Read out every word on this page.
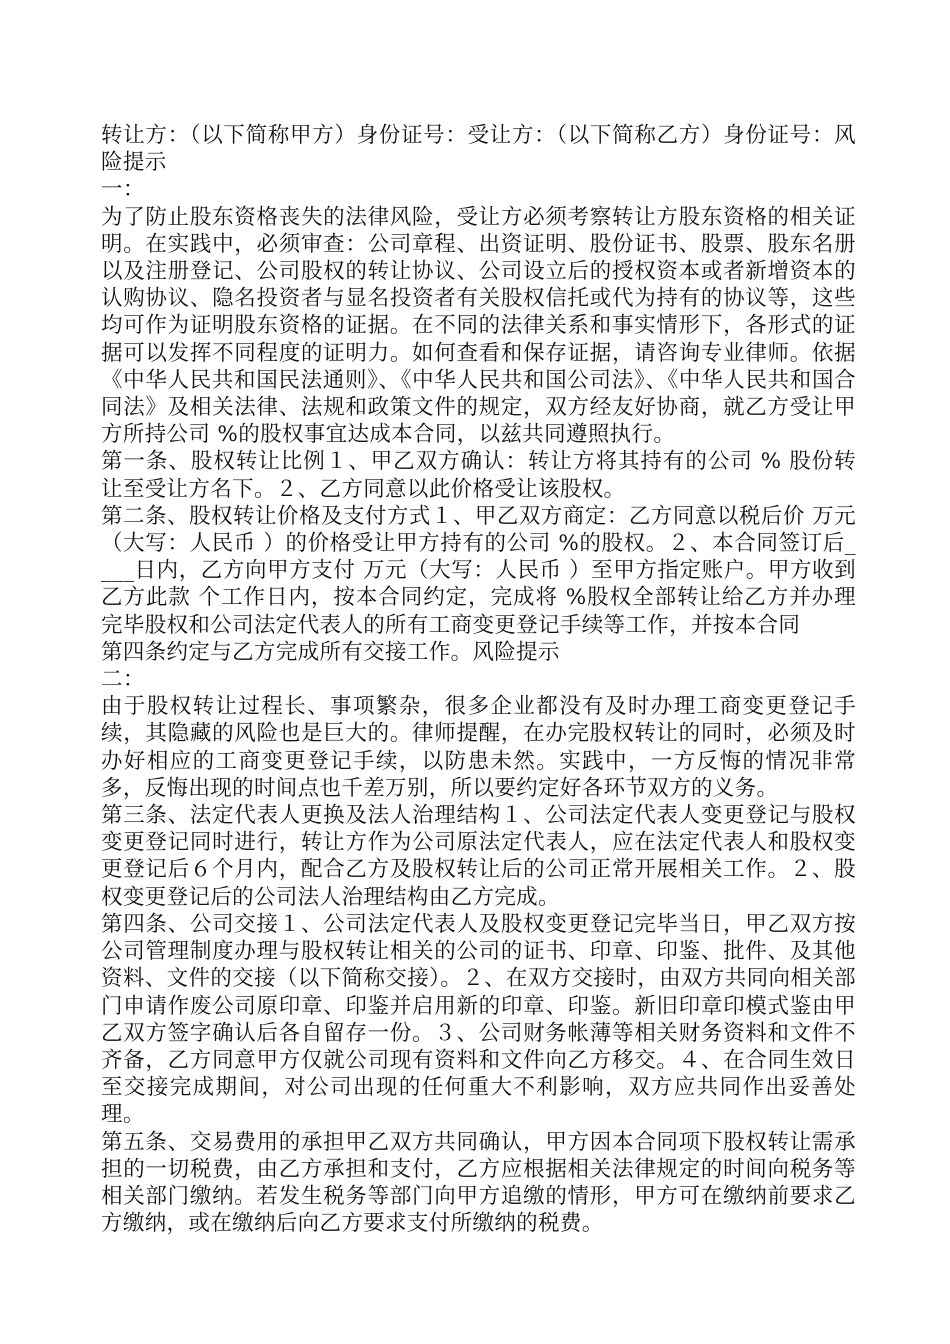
转让方：（以下简称甲方）身份证号：受让方：（以下简称乙方）身份证号：风险提示

一：

为了防止股东资格丧失的法律风险，受让方必须考察转让方股东资格的相关证明。在实践中，必须审查：公司章程、出资证明、股份证书、股票、股东名册以及注册登记、公司股权的转让协议、公司设立后的授权资本或者新增资本的认购协议、隐名投资者与显名投资者有关股权信托或代为持有的协议等，这些均可作为证明股东资格的证据。在不同的法律关系和事实情形下，各形式的证据可以发挥不同程度的证明力。如何查看和保存证据，请咨询专业律师。依据《中华人民共和国民法通则》、《中华人民共和国公司法》、《中华人民共和国合同法》及相关法律、法规和政策文件的规定，双方经友好协商，就乙方受让甲方所持公司 %的股权事宜达成本合同，以兹共同遵照执行。

第一条、股权转让比例１、甲乙双方确认：转让方将其持有的公司 % 股份转让至受让方名下。２、乙方同意以此价格受让该股权。

第二条、股权转让价格及支付方式１、甲乙双方商定：乙方同意以税后价 万元（大写：人民币 ）的价格受让甲方持有的公司 %的股权。２、本合同签订后____日内，乙方向甲方支付 万元（大写：人民币 ）至甲方指定账户。甲方收到乙方此款 个工作日内，按本合同约定，完成将 %股权全部转让给乙方并办理完毕股权和公司法定代表人的所有工商变更登记手续等工作，并按本合同

第四条约定与乙方完成所有交接工作。风险提示

二：

由于股权转让过程长、事项繁杂，很多企业都没有及时办理工商变更登记手续，其隐藏的风险也是巨大的。律师提醒，在办完股权转让的同时，必须及时办好相应的工商变更登记手续，以防患未然。实践中，一方反悔的情况非常多，反悔出现的时间点也千差万别，所以要约定好各环节双方的义务。

第三条、法定代表人更换及法人治理结构１、公司法定代表人变更登记与股权变更登记同时进行，转让方作为公司原法定代表人，应在法定代表人和股权变更登记后６个月内，配合乙方及股权转让后的公司正常开展相关工作。２、股权变更登记后的公司法人治理结构由乙方完成。

第四条、公司交接１、公司法定代表人及股权变更登记完毕当日，甲乙双方按公司管理制度办理与股权转让相关的公司的证书、印章、印鉴、批件、及其他资料、文件的交接（以下简称交接）。２、在双方交接时，由双方共同向相关部门申请作废公司原印章、印鉴并启用新的印章、印鉴。新旧印章印模式鉴由甲乙双方签字确认后各自留存一份。３、公司财务帐薄等相关财务资料和文件不齐备，乙方同意甲方仅就公司现有资料和文件向乙方移交。４、在合同生效日至交接完成期间，对公司出现的任何重大不利影响，双方应共同作出妥善处理。

第五条、交易费用的承担甲乙双方共同确认，甲方因本合同项下股权转让需承担的一切税费，由乙方承担和支付，乙方应根据相关法律规定的时间向税务等相关部门缴纳。若发生税务等部门向甲方追缴的情形，甲方可在缴纳前要求乙方缴纳，或在缴纳后向乙方要求支付所缴纳的税费。
